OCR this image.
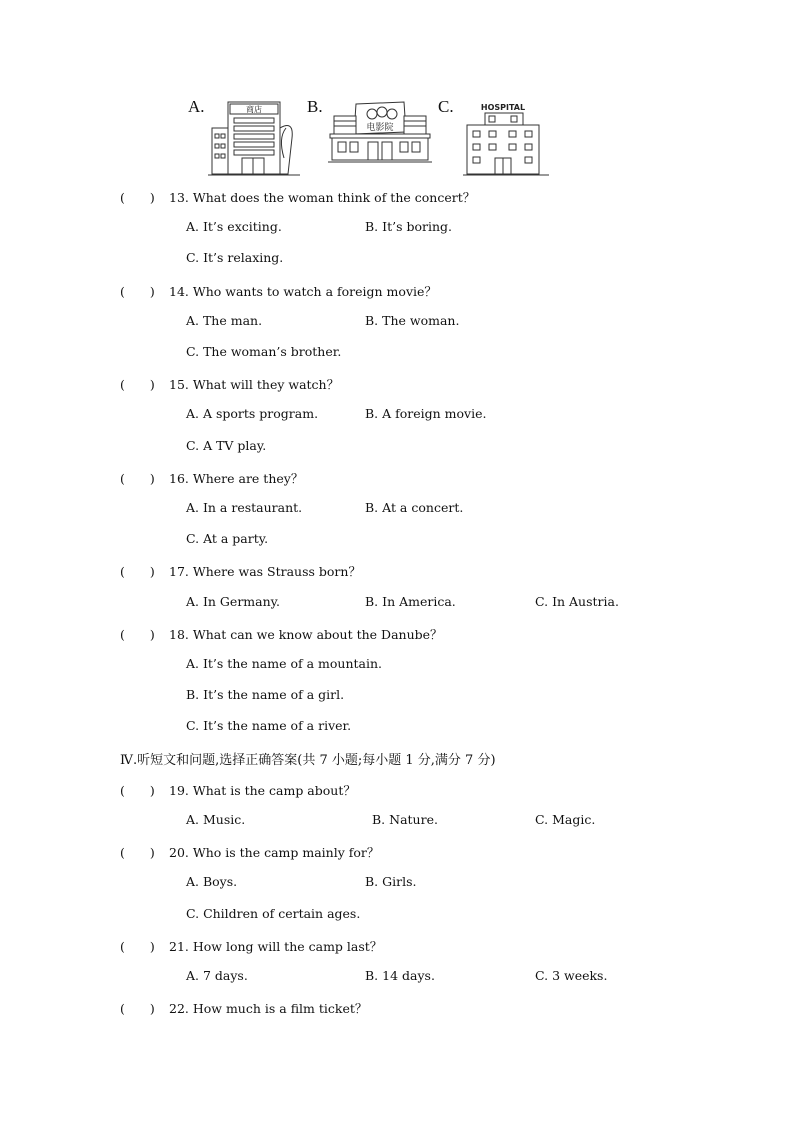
A.	商店	B.
电影院
C.	HOSPITAL
(　　) 13. What does the woman think of the concert？
A. It’s exciting.	B. It’s boring.
C. It’s relaxing.
(　　) 14. Who wants to watch a foreign movie？
A. The man.	B. The woman.
C. The woman’s brother.
(　　) 15. What will they watch？
A. A sports program.	B. A foreign movie.
C. A TV play.
(　　) 16. Where are they？
A. In a restaurant.	B. At a concert.
C. At a party.
(　　) 17. Where was Strauss born？
A. In Germany.	B. In America.	C. In Austria.
(　　) 18. What can we know about the Danube？
A. It’s the name of a mountain.
B. It’s the name of a girl.
C. It’s the name of a river.
Ⅳ.听短文和问题,选择正确答案(共 7 小题;每小题 1 分,满分 7 分)
(　　) 19. What is the camp about？
A. Music.	B. Nature.	C. Magic.
(　　) 20. Who is the camp mainly for？
A. Boys.	B. Girls.
C. Children of certain ages.
(　　) 21. How long will the camp last？
A. 7 days.	B. 14 days.	C. 3 weeks.
(　　) 22. How much is a film ticket？
